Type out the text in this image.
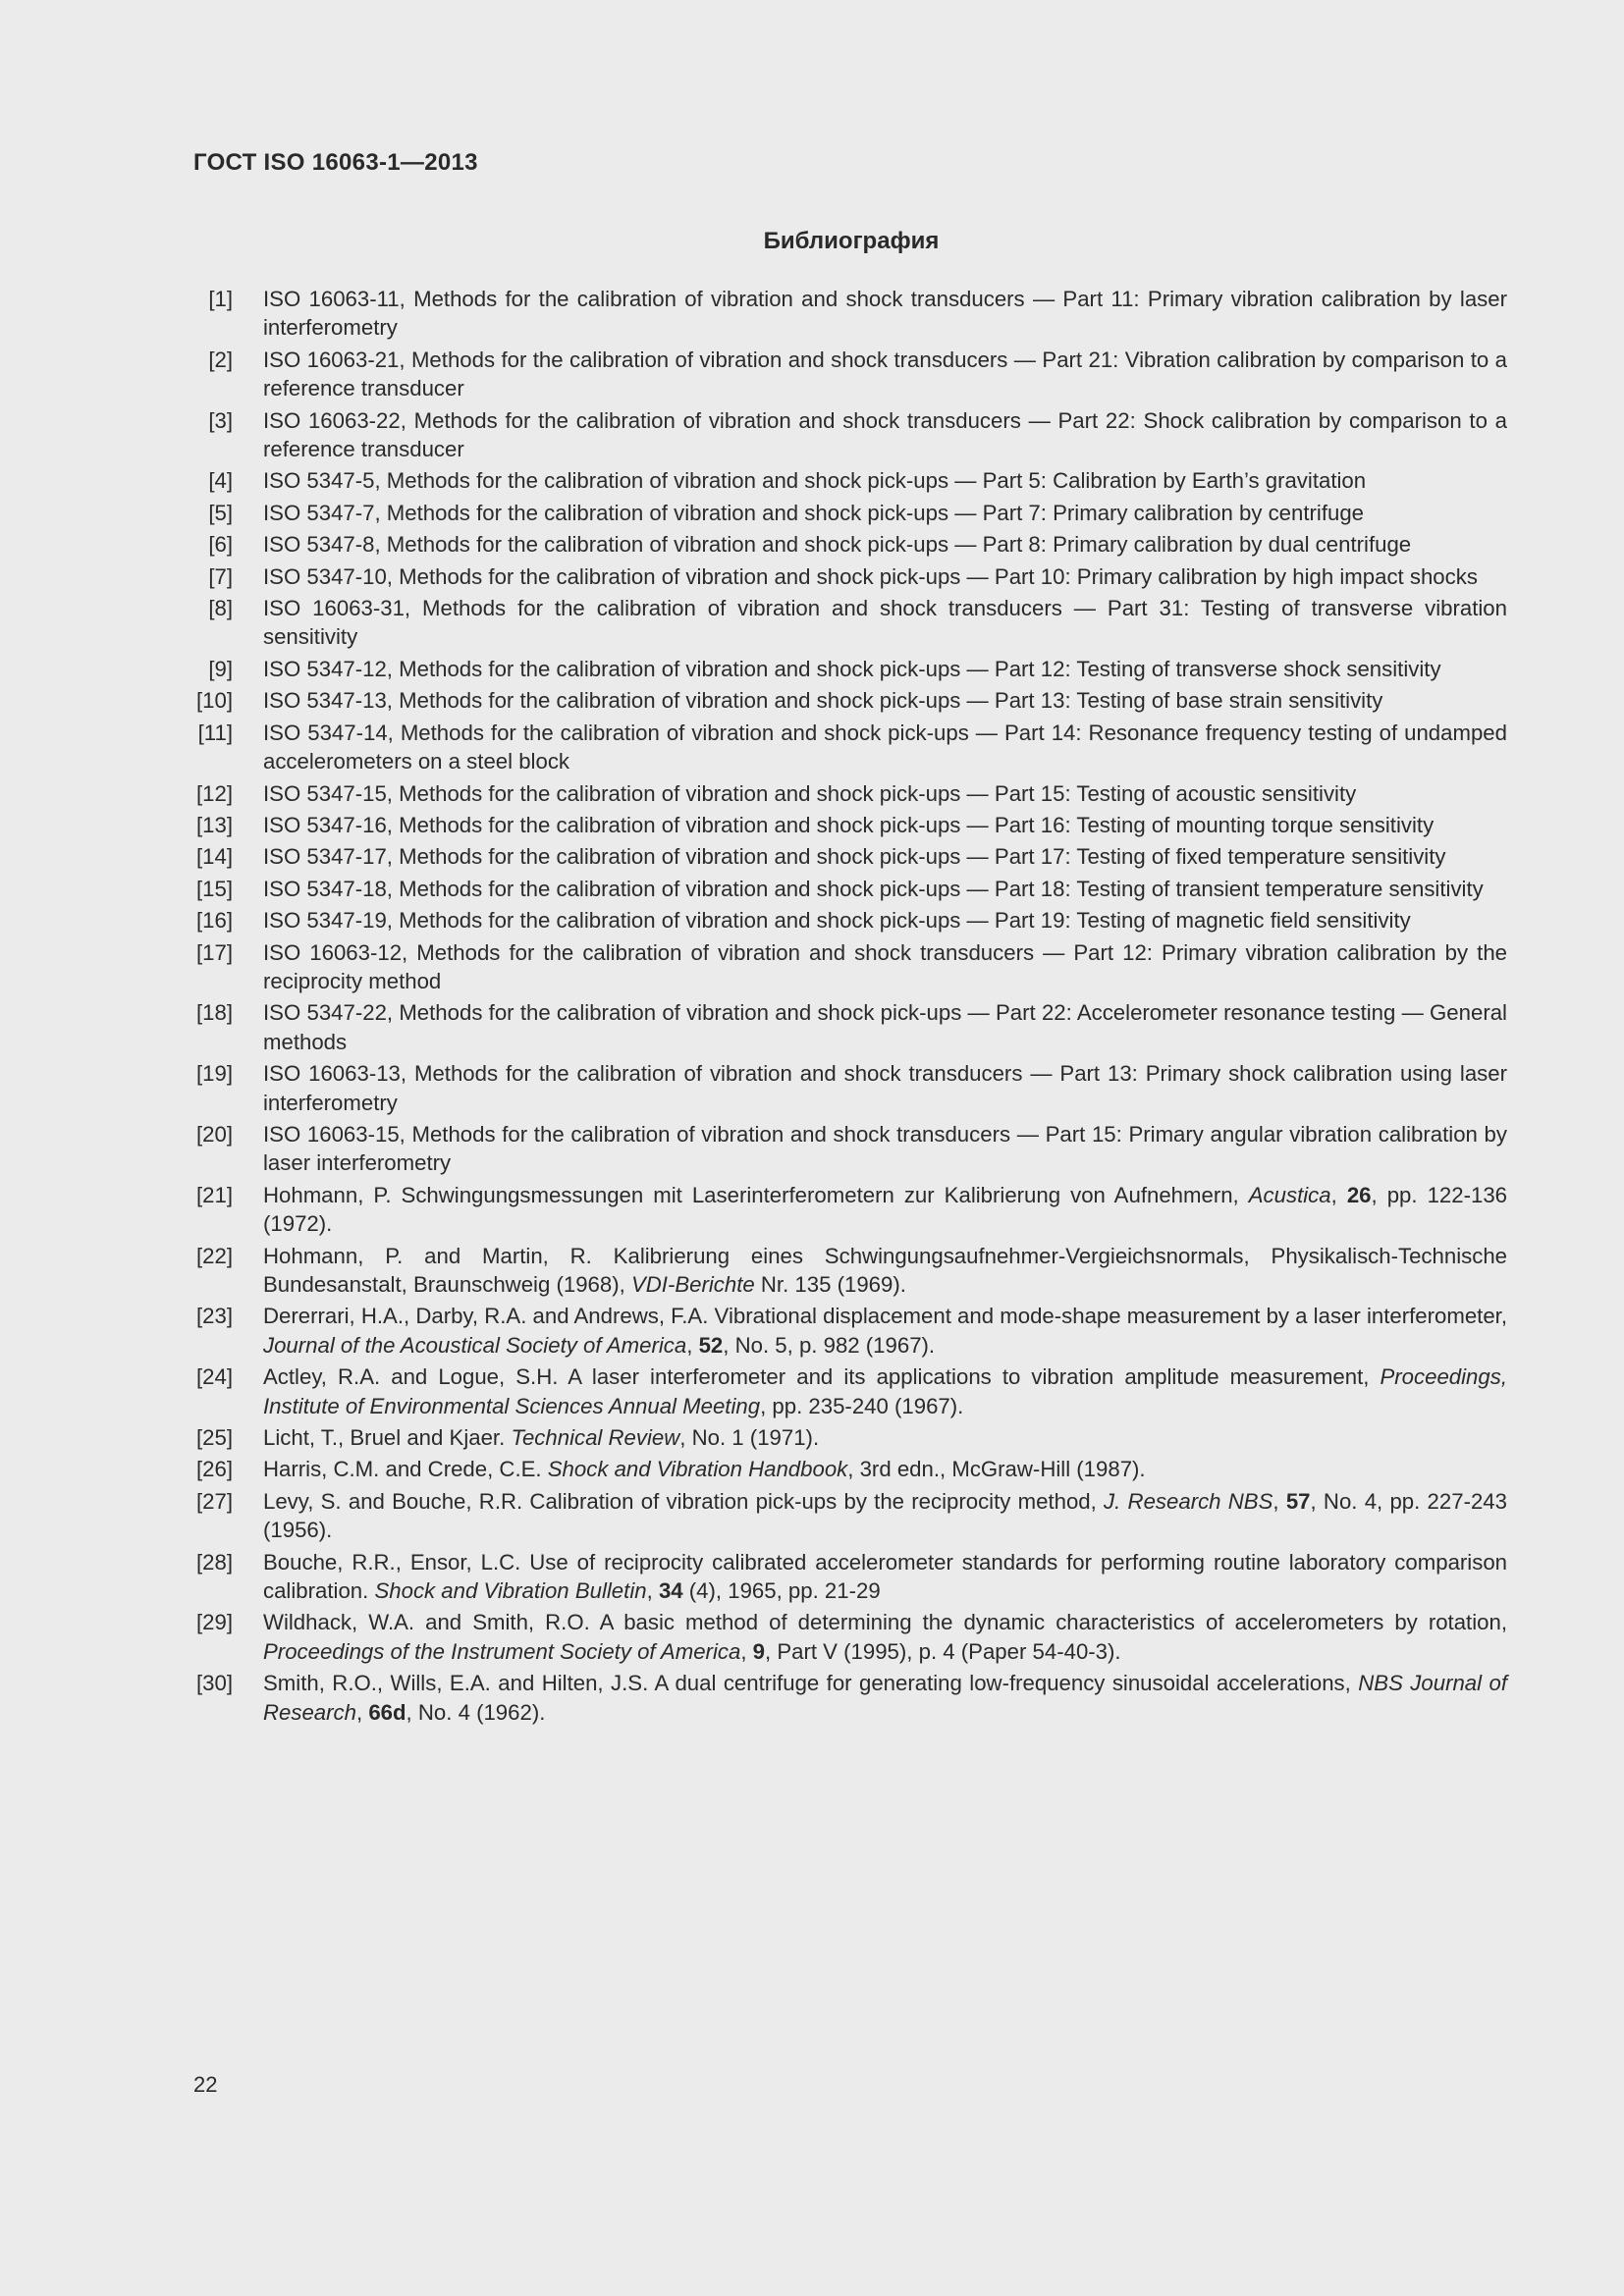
ГОСТ ISO 16063-1—2013
Библиография
[1] ISO 16063-11, Methods for the calibration of vibration and shock transducers — Part 11: Primary vibration calibration by laser interferometry
[2] ISO 16063-21, Methods for the calibration of vibration and shock transducers — Part 21: Vibration calibration by comparison to a reference transducer
[3] ISO 16063-22, Methods for the calibration of vibration and shock transducers — Part 22: Shock calibration by comparison to a reference transducer
[4] ISO 5347-5, Methods for the calibration of vibration and shock pick-ups — Part 5: Calibration by Earth’s gravitation
[5] ISO 5347-7, Methods for the calibration of vibration and shock pick-ups — Part 7: Primary calibration by centrifuge
[6] ISO 5347-8, Methods for the calibration of vibration and shock pick-ups — Part 8: Primary calibration by dual centrifuge
[7] ISO 5347-10, Methods for the calibration of vibration and shock pick-ups — Part 10: Primary calibration by high impact shocks
[8] ISO 16063-31, Methods for the calibration of vibration and shock transducers — Part 31: Testing of transverse vibration sensitivity
[9] ISO 5347-12, Methods for the calibration of vibration and shock pick-ups — Part 12: Testing of transverse shock sensitivity
[10] ISO 5347-13, Methods for the calibration of vibration and shock pick-ups — Part 13: Testing of base strain sensitivity
[11] ISO 5347-14, Methods for the calibration of vibration and shock pick-ups — Part 14: Resonance frequency testing of undamped accelerometers on a steel block
[12] ISO 5347-15, Methods for the calibration of vibration and shock pick-ups — Part 15: Testing of acoustic sensitivity
[13] ISO 5347-16, Methods for the calibration of vibration and shock pick-ups — Part 16: Testing of mounting torque sensitivity
[14] ISO 5347-17, Methods for the calibration of vibration and shock pick-ups — Part 17: Testing of fixed temperature sensitivity
[15] ISO 5347-18, Methods for the calibration of vibration and shock pick-ups — Part 18: Testing of transient temperature sensitivity
[16] ISO 5347-19, Methods for the calibration of vibration and shock pick-ups — Part 19: Testing of magnetic field sensitivity
[17] ISO 16063-12, Methods for the calibration of vibration and shock transducers — Part 12: Primary vibration calibration by the reciprocity method
[18] ISO 5347-22, Methods for the calibration of vibration and shock pick-ups — Part 22: Accelerometer resonance testing — General methods
[19] ISO 16063-13, Methods for the calibration of vibration and shock transducers — Part 13: Primary shock calibration using laser interferometry
[20] ISO 16063-15, Methods for the calibration of vibration and shock transducers — Part 15: Primary angular vibration calibration by laser interferometry
[21] Hohmann, P. Schwingungsmessungen mit Laserinterferometern zur Kalibrierung von Aufnehmern, Acustica, 26, pp. 122-136 (1972).
[22] Hohmann, P. and Martin, R. Kalibrierung eines Schwingungsaufnehmer-Vergieichsnormals, Physikalisch-Technische Bundesanstalt, Braunschweig (1968), VDI-Berichte Nr. 135 (1969).
[23] Dererrari, H.A., Darby, R.A. and Andrews, F.A. Vibrational displacement and mode-shape measurement by a laser interferometer, Journal of the Acoustical Society of America, 52, No. 5, p. 982 (1967).
[24] Actley, R.A. and Logue, S.H. A laser interferometer and its applications to vibration amplitude measurement, Proceedings, Institute of Environmental Sciences Annual Meeting, pp. 235-240 (1967).
[25] Licht, T., Bruel and Kjaer. Technical Review, No. 1 (1971).
[26] Harris, C.M. and Crede, C.E. Shock and Vibration Handbook, 3rd edn., McGraw-Hill (1987).
[27] Levy, S. and Bouche, R.R. Calibration of vibration pick-ups by the reciprocity method, J. Research NBS, 57, No. 4, pp. 227-243 (1956).
[28] Bouche, R.R., Ensor, L.C. Use of reciprocity calibrated accelerometer standards for performing routine laboratory comparison calibration. Shock and Vibration Bulletin, 34 (4), 1965, pp. 21-29
[29] Wildhack, W.A. and Smith, R.O. A basic method of determining the dynamic characteristics of accelerometers by rotation, Proceedings of the Instrument Society of America, 9, Part V (1995), p. 4 (Paper 54-40-3).
[30] Smith, R.O., Wills, E.A. and Hilten, J.S. A dual centrifuge for generating low-frequency sinusoidal accelerations, NBS Journal of Research, 66d, No. 4 (1962).
22
